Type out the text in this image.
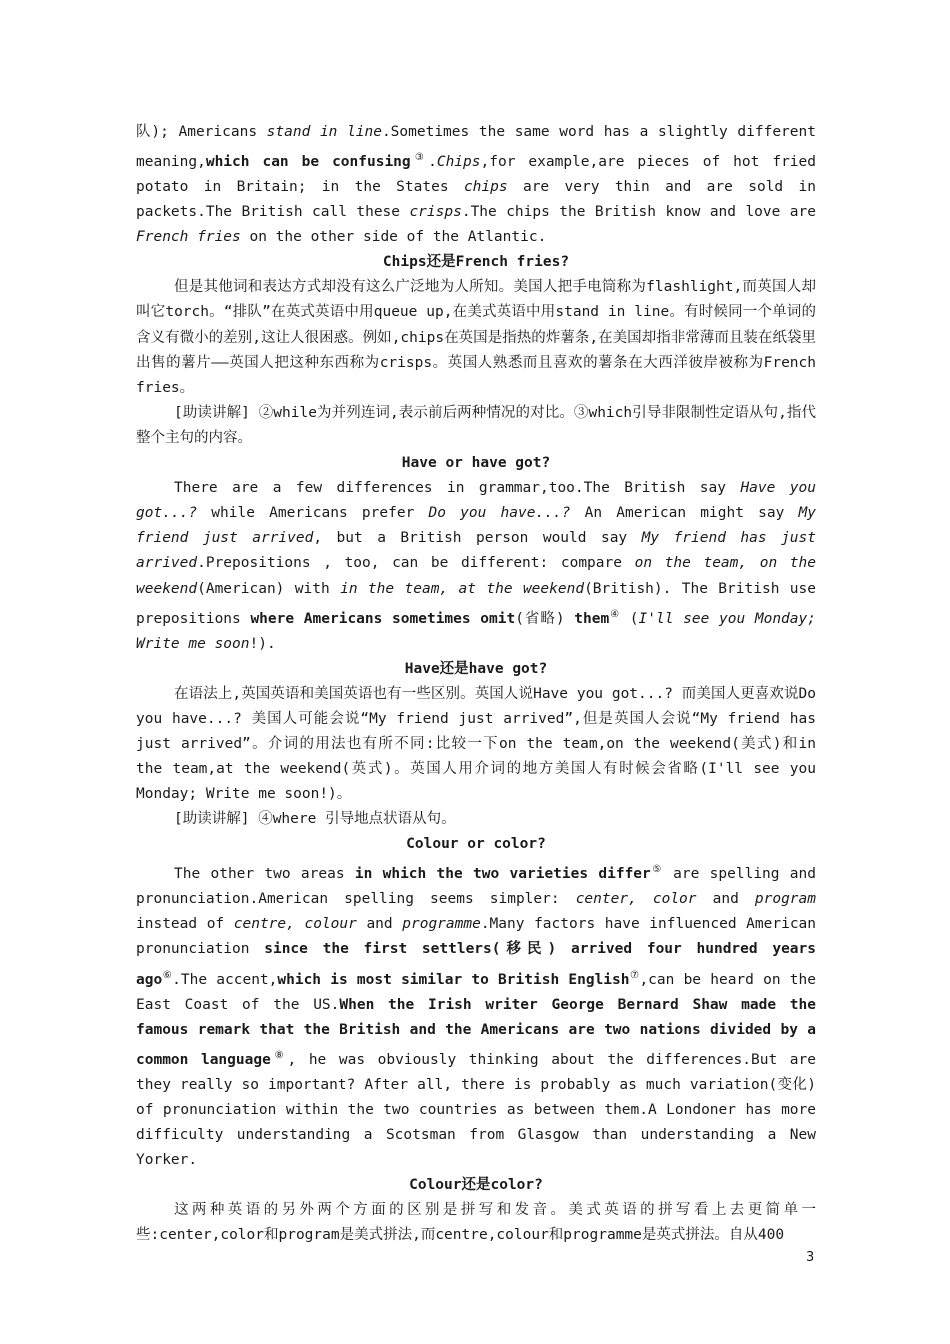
队); Americans stand in line.Sometimes the same word has a slightly different meaning,which can be confusing③.Chips,for example,are pieces of hot fried potato in Britain; in the States chips are very thin and are sold in packets.The British call these crisps.The chips the British know and love are French fries on the other side of the Atlantic.

Chips还是French fries?

但是其他词和表达方式却没有这么广泛地为人所知。美国人把手电筒称为flashlight,而英国人却叫它torch。“排队”在英式英语中用queue up,在美式英语中用stand in line。有时候同一个单词的含义有微小的差别,这让人很困惑。例如,chips在英国是指热的炸薯条,在美国却指非常薄而且装在纸袋里出售的薯片——英国人把这种东西称为crisps。英国人熟悉而且喜欢的薯条在大西洋彼岸被称为French fries。

[助读讲解] ②while为并列连词,表示前后两种情况的对比。③which引导非限制性定语从句,指代整个主句的内容。

Have or have got?

There are a few differences in grammar,too.The British say Have you got...? while Americans prefer Do you have...? An American might say My friend just arrived, but a British person would say My friend has just arrived.Prepositions , too, can be different: compare on the team, on the weekend(American) with in the team, at the weekend(British). The British use prepositions where Americans sometimes omit(省略) them④ (I'll see you Monday; Write me soon!).

Have还是have got?

在语法上,英国英语和美国英语也有一些区别。英国人说Have you got...? 而美国人更喜欢说Do you have...? 美国人可能会说“My friend just arrived”,但是英国人会说“My friend has just arrived”。介词的用法也有所不同:比较一下on the team,on the weekend(美式)和in the team,at the weekend(英式)。英国人用介词的地方美国人有时候会省略(I'll see you Monday; Write me soon!)。

[助读讲解] ④where 引导地点状语从句。

Colour or color?

The other two areas in which the two varieties differ⑤ are spelling and pronunciation.American spelling seems simpler: center, color and program instead of centre, colour and programme.Many factors have influenced American pronunciation since the first settlers(移民) arrived four hundred years ago⑥.The accent,which is most similar to British English⑦,can be heard on the East Coast of the US.When the Irish writer George Bernard Shaw made the famous remark that the British and the Americans are two nations divided by a common language⑧, he was obviously thinking about the differences.But are they really so important? After all, there is probably as much variation(变化) of pronunciation within the two countries as between them.A Londoner has more difficulty understanding a Scotsman from Glasgow than understanding a New Yorker.

Colour还是color?

这两种英语的另外两个方面的区别是拼写和发音。美式英语的拼写看上去更简单一些:center,color和program是美式拼法,而centre,colour和programme是英式拼法。自从400

3
